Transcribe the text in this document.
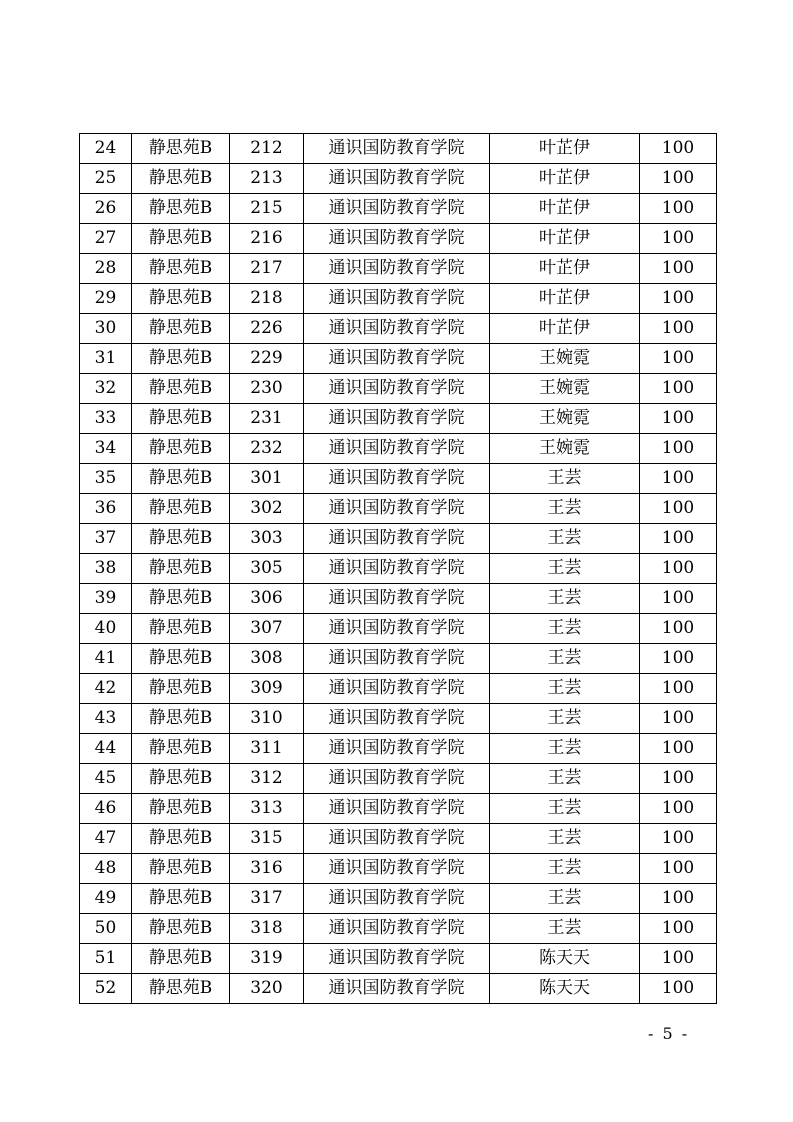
24	静思苑B	212	通识国防教育学院	叶芷伊	100
25	静思苑B	213	通识国防教育学院	叶芷伊	100
26	静思苑B	215	通识国防教育学院	叶芷伊	100
27	静思苑B	216	通识国防教育学院	叶芷伊	100
28	静思苑B	217	通识国防教育学院	叶芷伊	100
29	静思苑B	218	通识国防教育学院	叶芷伊	100
30	静思苑B	226	通识国防教育学院	叶芷伊	100
31	静思苑B	229	通识国防教育学院	王婉霓	100
32	静思苑B	230	通识国防教育学院	王婉霓	100
33	静思苑B	231	通识国防教育学院	王婉霓	100
34	静思苑B	232	通识国防教育学院	王婉霓	100
35	静思苑B	301	通识国防教育学院	王芸	100
36	静思苑B	302	通识国防教育学院	王芸	100
37	静思苑B	303	通识国防教育学院	王芸	100
38	静思苑B	305	通识国防教育学院	王芸	100
39	静思苑B	306	通识国防教育学院	王芸	100
40	静思苑B	307	通识国防教育学院	王芸	100
41	静思苑B	308	通识国防教育学院	王芸	100
42	静思苑B	309	通识国防教育学院	王芸	100
43	静思苑B	310	通识国防教育学院	王芸	100
44	静思苑B	311	通识国防教育学院	王芸	100
45	静思苑B	312	通识国防教育学院	王芸	100
46	静思苑B	313	通识国防教育学院	王芸	100
47	静思苑B	315	通识国防教育学院	王芸	100
48	静思苑B	316	通识国防教育学院	王芸	100
49	静思苑B	317	通识国防教育学院	王芸	100
50	静思苑B	318	通识国防教育学院	王芸	100
51	静思苑B	319	通识国防教育学院	陈天天	100
52	静思苑B	320	通识国防教育学院	陈天天	100
- 5 -
